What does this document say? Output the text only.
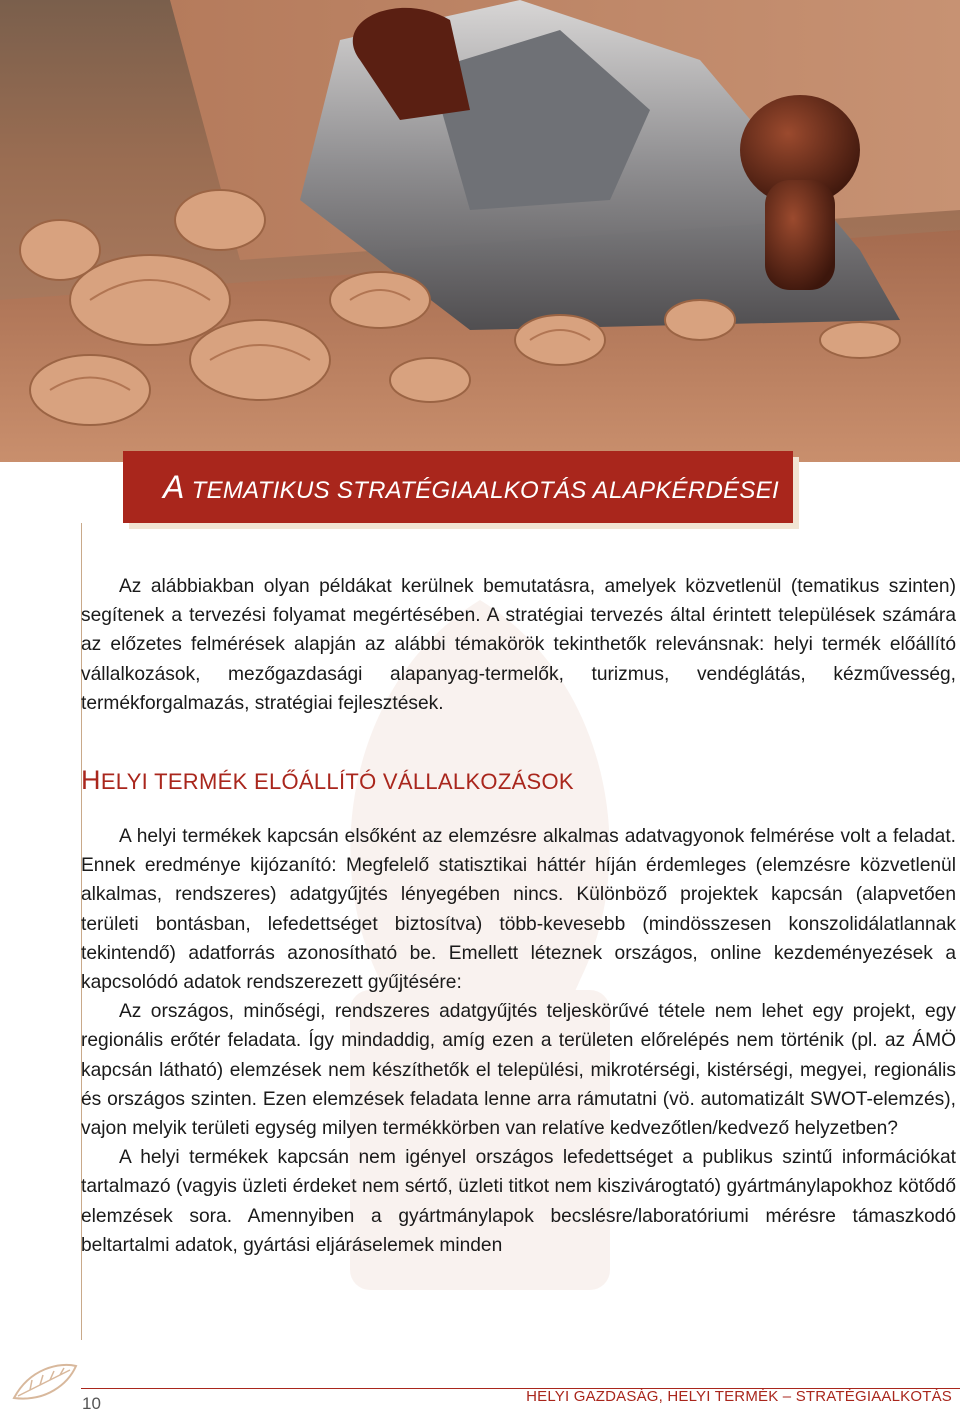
A TEMATIKUS STRATÉGIAALKOTÁS ALAPKÉRDÉSEI

Az alábbiakban olyan példákat kerülnek bemutatásra, amelyek közvetlenül (tematikus szinten) segítenek a tervezési folyamat megértésében. A stratégiai tervezés által érintett települések számára az előzetes felmérések alapján az alábbi témakörök tekinthetők relevánsnak: helyi termék előállító vállalkozások, mezőgazdasági alapanyag-termelők, turizmus, vendéglátás, kézművesség, termékforgalmazás, stratégiai fejlesztések.

HELYI TERMÉK ELŐÁLLÍTÓ VÁLLALKOZÁSOK

A helyi termékek kapcsán elsőként az elemzésre alkalmas adatvagyonok felmérése volt a feladat. Ennek eredménye kijózanító: Megfelelő statisztikai háttér híján érdemleges (elemzésre közvetlenül alkalmas, rendszeres) adatgyűjtés lényegében nincs. Különböző projektek kapcsán (alapvetően területi bontásban, lefedettséget biztosítva) több-kevesebb (mindösszesen konszolidálatlannak tekintendő) adatforrás azonosítható be. Emellett léteznek országos, online kezdeményezések a kapcsolódó adatok rendszerezett gyűjtésére:

Az országos, minőségi, rendszeres adatgyűjtés teljeskörűvé tétele nem lehet egy projekt, egy regionális erőtér feladata. Így mindaddig, amíg ezen a területen előrelépés nem történik (pl. az ÁMÖ kapcsán látható) elemzések nem készíthetők el települési, mikrotérségi, kistérségi, megyei, regionális és országos szinten. Ezen elemzések feladata lenne arra rámutatni (vö. automatizált SWOT-elemzés), vajon melyik területi egység milyen termékkörben van relatíve kedvezőtlen/kedvező helyzetben?

A helyi termékek kapcsán nem igényel országos lefedettséget a publikus szintű információkat tartalmazó (vagyis üzleti érdeket nem sértő, üzleti titkot nem kiszivárogtató) gyártmánylapokhoz kötődő elemzések sora. Amennyiben a gyártmánylapok becslésre/laboratóriumi mérésre támaszkodó beltartalmi adatok, gyártási eljáráselemek minden

10	HELYI GAZDASÁG, HELYI TERMÉK – STRATÉGIAALKOTÁS
